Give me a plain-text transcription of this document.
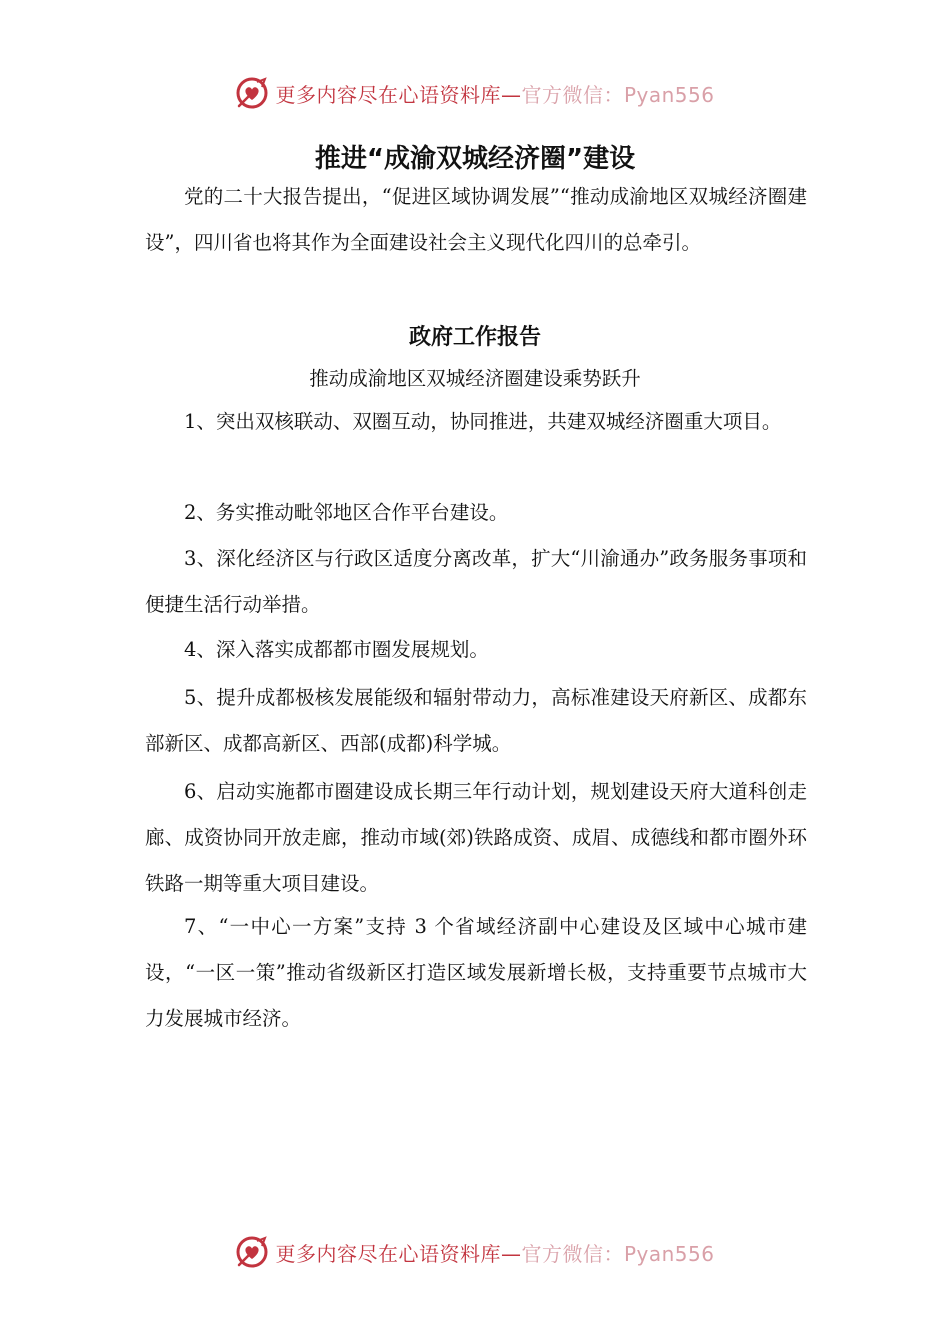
更多内容尽在心语资料库— 官方微信：Pyan556
推进“成渝双城经济圈”建设

党的二十大报告提出，“促进区域协调发展”“推动成渝地区双城经济圈建设”，四川省也将其作为全面建设社会主义现代化四川的总牵引。

政府工作报告

推动成渝地区双城经济圈建设乘势跃升

1、突出双核联动、双圈互动，协同推进，共建双城经济圈重大项目。

2、务实推动毗邻地区合作平台建设。

3、深化经济区与行政区适度分离改革，扩大“川渝通办”政务服务事项和便捷生活行动举措。

4、深入落实成都都市圈发展规划。

5、提升成都极核发展能级和辐射带动力，高标准建设天府新区、成都东部新区、成都高新区、西部(成都)科学城。

6、启动实施都市圈建设成长期三年行动计划，规划建设天府大道科创走廊、成资协同开放走廊，推动市域(郊)铁路成资、成眉、成德线和都市圈外环铁路一期等重大项目建设。

7、“一中心一方案”支持 3 个省域经济副中心建设及区域中心城市建设，“一区一策”推动省级新区打造区域发展新增长极，支持重要节点城市大力发展城市经济。

更多内容尽在心语资料库— 官方微信：Pyan556
